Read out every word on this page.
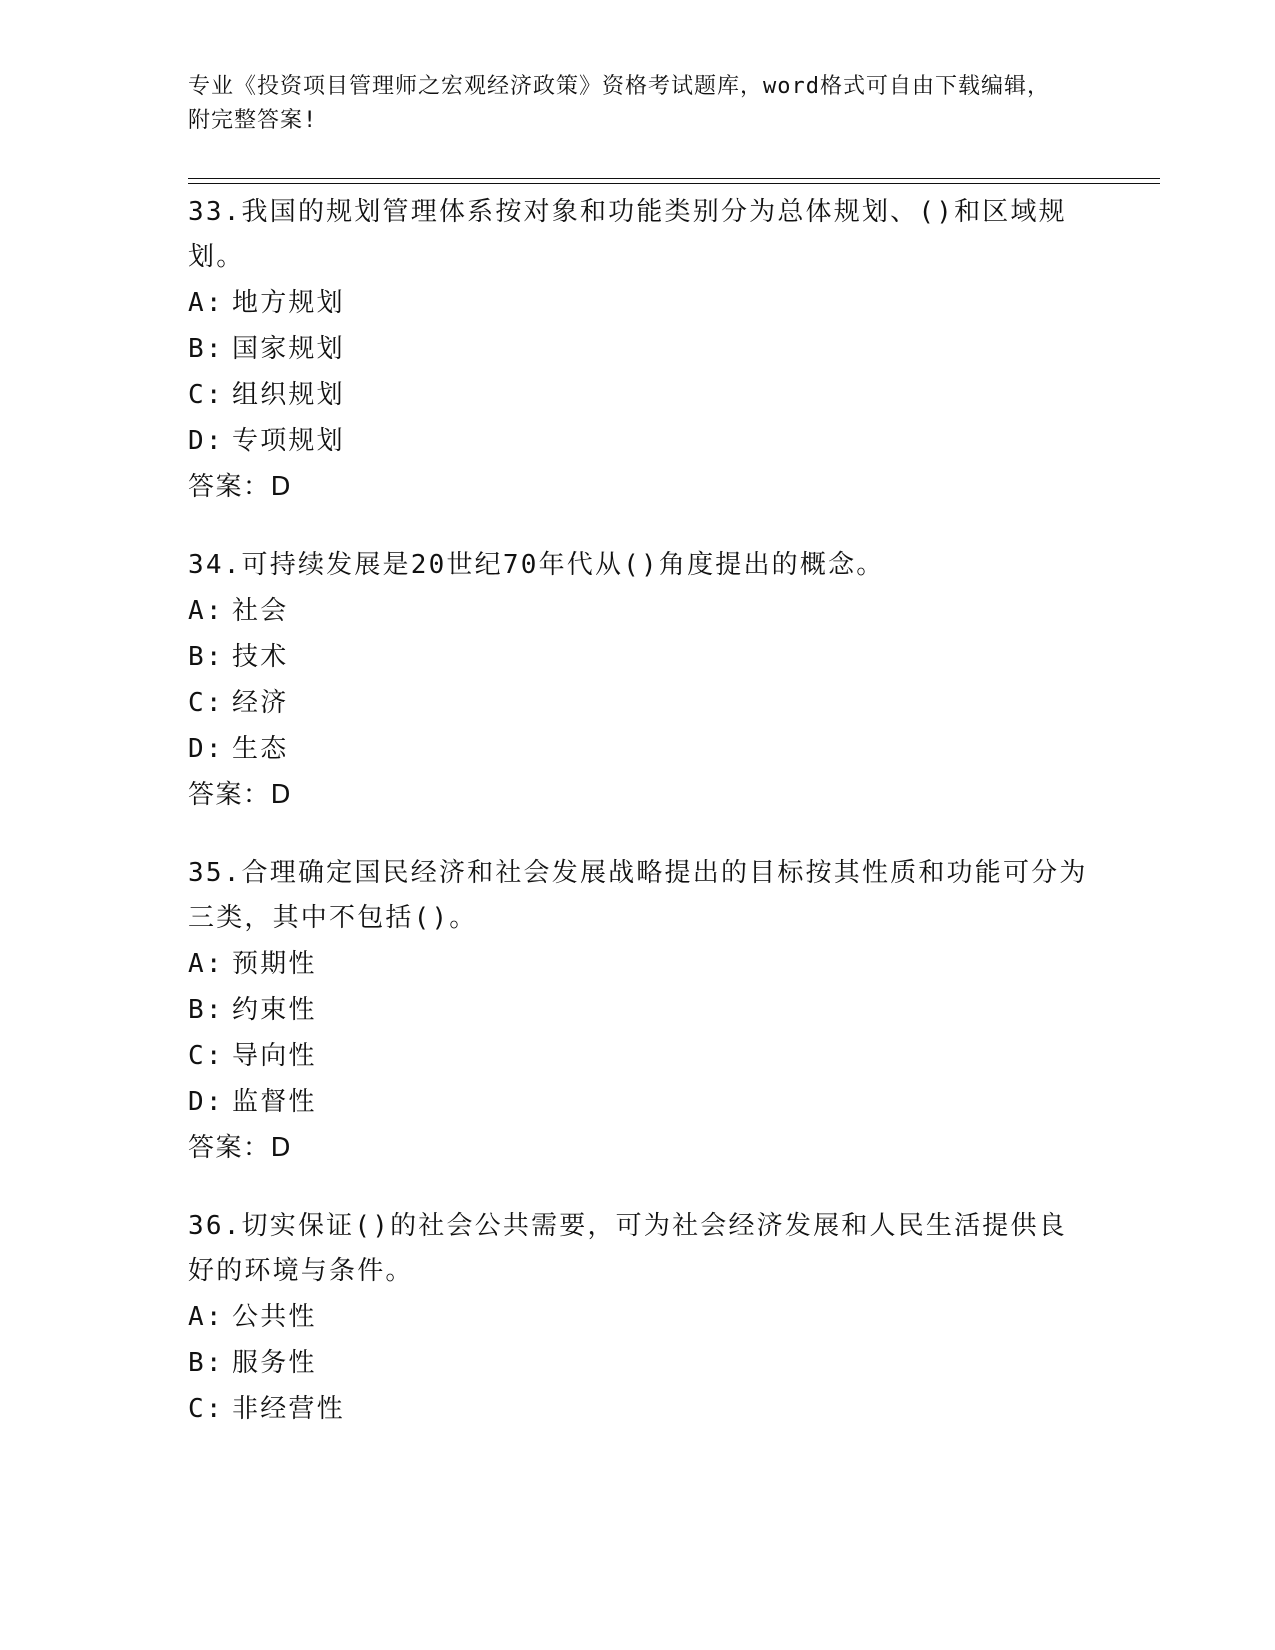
专业《投资项目管理师之宏观经济政策》资格考试题库，word格式可自由下载编辑，附完整答案!

33.我国的规划管理体系按对象和功能类别分为总体规划、()和区域规划。

A: 地方规划

B: 国家规划

C: 组织规划

D: 专项规划

答案：D

34.可持续发展是20世纪70年代从()角度提出的概念。

A: 社会

B: 技术

C: 经济

D: 生态

答案：D

35.合理确定国民经济和社会发展战略提出的目标按其性质和功能可分为三类，其中不包括()。

A: 预期性

B: 约束性

C: 导向性

D: 监督性

答案：D

36.切实保证()的社会公共需要，可为社会经济发展和人民生活提供良好的环境与条件。

A: 公共性

B: 服务性

C: 非经营性
